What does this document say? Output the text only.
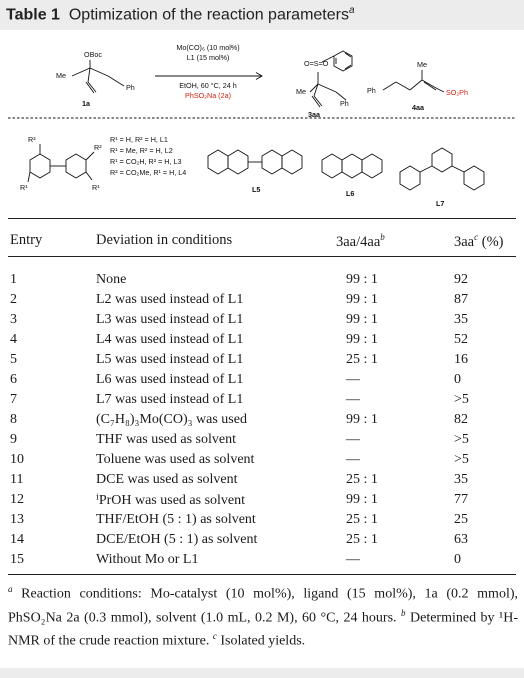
Table 1 Optimization of the reaction parameters$^a$
OBoc
Me
Ph
1a
Mo(CO)₆ (10 mol%)
L1 (15 mol%)
EtOH, 60 °C, 24 h
PhSO₂Na (2a)
O=S=O
Me
Ph
3aa
Me
Ph	SO₂Ph
4aa
R²
R²
R¹	R¹
R¹ = H, R² = H, L1
R¹ = Me, R² = H, L2
R¹ = CO₂H, R² = H, L3
R² = CO₂Me, R¹ = H, L4
L5	L6
L7
Entry	Deviation in conditions	$3aa/4aa^b$	$3aa^c$ (%)
1	None	99 : 1	92
2	L2 was used instead of L1	99 : 1	87
3	L3 was used instead of L1	99 : 1	35
4	L4 was used instead of L1	99 : 1	52
5	L5 was used instead of L1	25 : 1	16
6	L6 was used instead of L1	—	0
7	L7 was used instead of L1	—	>5
8	(C₇H₈)₃Mo(CO)₃ was used	99 : 1	82
9	THF was used as solvent	—	>5
10	Toluene was used as solvent	—	>5
11	DCE was used as solvent	25 : 1	35
12	ⁱPrOH was used as solvent	99 : 1	77
13	THF/EtOH (5 : 1) as solvent	25 : 1	25
14	DCE/EtOH (5 : 1) as solvent	25 : 1	63
15	Without Mo or L1	—	0
$^a$ Reaction conditions: Mo-catalyst (10 mol%), ligand (15 mol%), 1a (0.2 mmol), PhSO₂Na 2a (0.3 mmol), solvent (1.0 mL, 0.2 M), 60 °C, 24 hours. $^b$ Determined by ¹H-NMR of the crude reaction mixture. $^c$ Isolated yields.
